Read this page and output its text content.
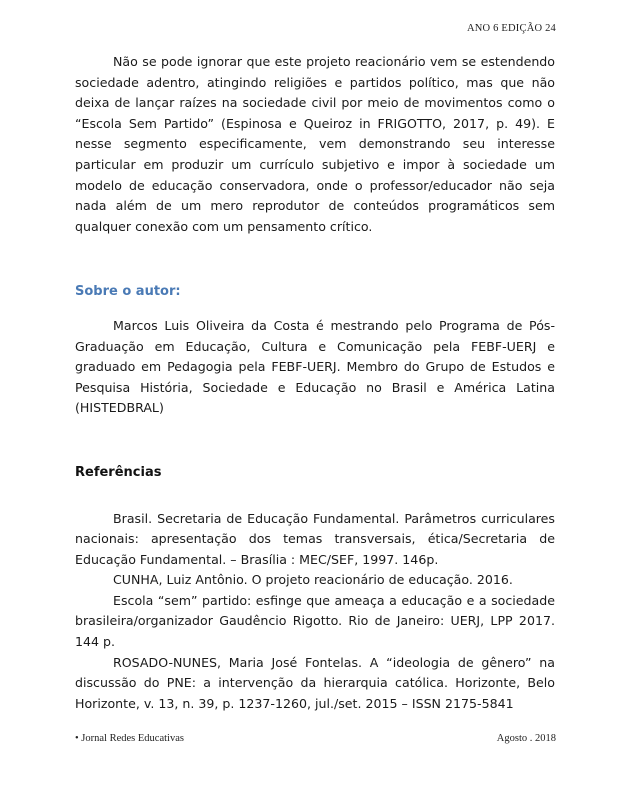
ANO 6 EDIÇÃO 24

Não se pode ignorar que este projeto reacionário vem se estendendo sociedade adentro, atingindo religiões e partidos político, mas que não deixa de lançar raízes na sociedade civil por meio de movimentos como o “Escola Sem Partido” (Espinosa e Queiroz in FRIGOTTO, 2017, p. 49). E nesse segmento especificamente, vem demonstrando seu interesse particular em produzir um currículo subjetivo e impor à sociedade um modelo de educação conservadora, onde o professor/educador não seja nada além de um mero reprodutor de conteúdos programáticos sem qualquer conexão com um pensamento crítico.

Sobre o autor:

Marcos Luis Oliveira da Costa é mestrando pelo Programa de Pós-Graduação em Educação, Cultura e Comunicação pela FEBF-UERJ e graduado em Pedagogia pela FEBF-UERJ. Membro do Grupo de Estudos e Pesquisa História, Sociedade e Educação no Brasil e América Latina (HISTEDBRAL)

Referências

Brasil. Secretaria de Educação Fundamental. Parâmetros curriculares nacionais: apresentação dos temas transversais, ética/Secretaria de Educação Fundamental. – Brasília : MEC/SEF, 1997. 146p.

CUNHA, Luiz Antônio. O projeto reacionário de educação. 2016.

Escola “sem” partido: esfinge que ameaça a educação e a sociedade brasileira/organizador Gaudêncio Rigotto. Rio de Janeiro: UERJ, LPP 2017. 144 p.

ROSADO-NUNES, Maria José Fontelas. A “ideologia de gênero” na discussão do PNE: a intervenção da hierarquia católica. Horizonte, Belo Horizonte, v. 13, n. 39, p. 1237-1260, jul./set. 2015 – ISSN 2175-5841

• Jornal Redes Educativas	Agosto . 2018
